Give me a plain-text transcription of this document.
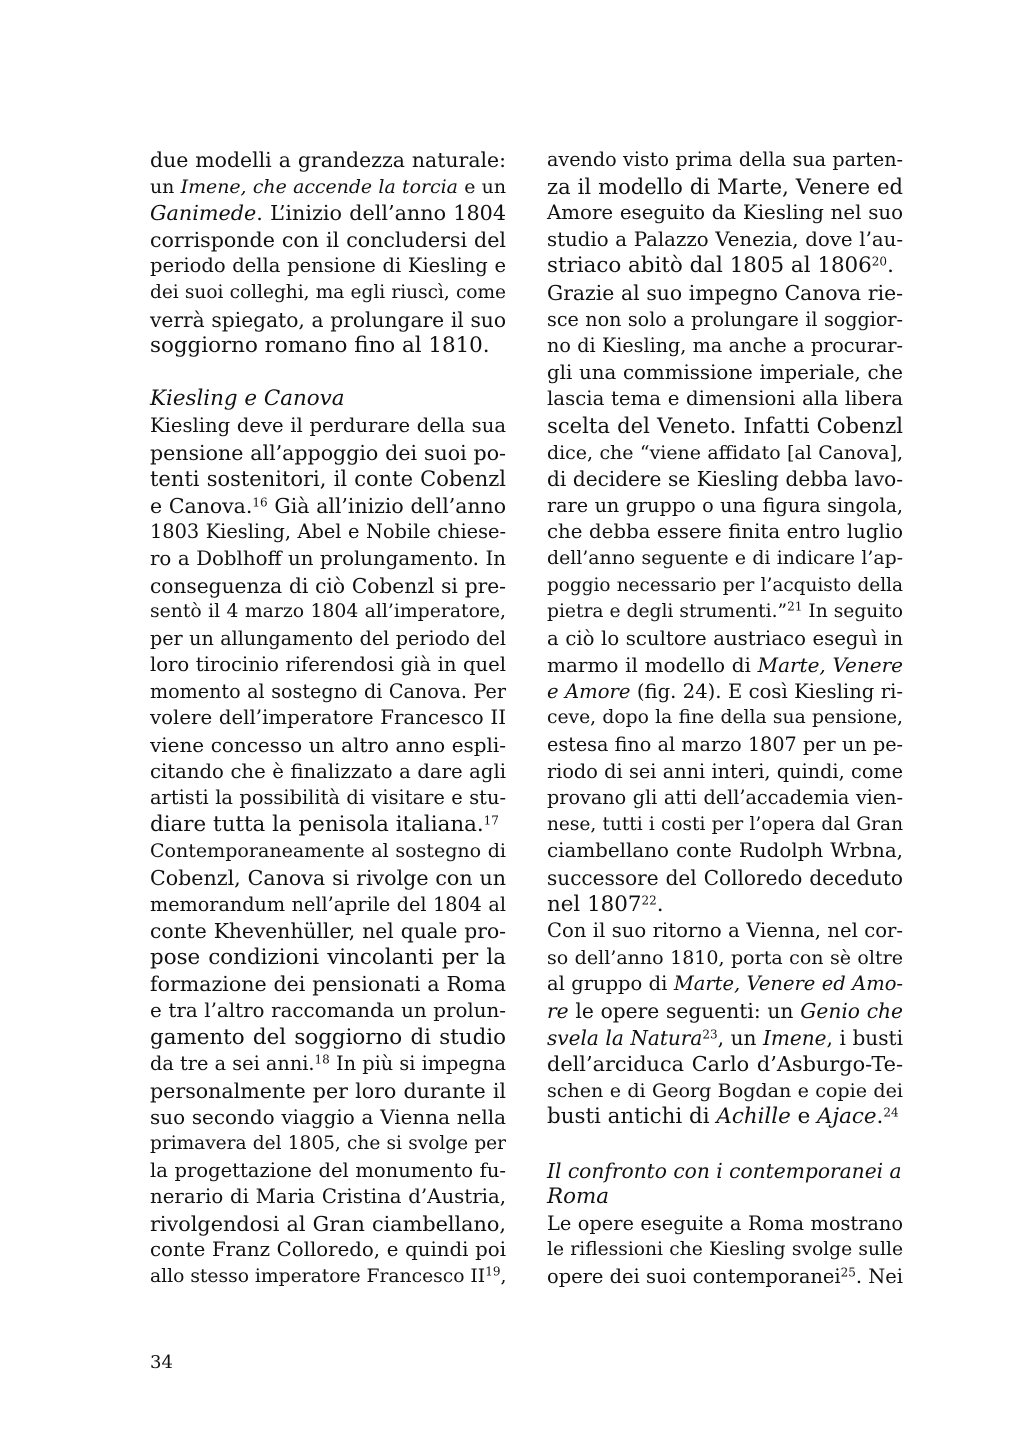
due modelli a grandezza naturale:
un Imene, che accende la torcia e un
Ganimede. L’inizio dell’anno 1804
corrisponde con il concludersi del
periodo della pensione di Kiesling e
dei suoi colleghi, ma egli riuscì, come
verrà spiegato, a prolungare il suo
soggiorno romano fino al 1810.
Kiesling e Canova
Kiesling deve il perdurare della sua
pensione all’appoggio dei suoi po-
tenti sostenitori, il conte Cobenzl
e Canova.$^{16}$ Già all’inizio dell’anno
1803 Kiesling, Abel e Nobile chiese-
ro a Doblhoff un prolungamento. In
conseguenza di ciò Cobenzl si pre-
sentò il 4 marzo 1804 all’imperatore,
per un allungamento del periodo del
loro tirocinio riferendosi già in quel
momento al sostegno di Canova. Per
volere dell’imperatore Francesco II
viene concesso un altro anno espli-
citando che è finalizzato a dare agli
artisti la possibilità di visitare e stu-
diare tutta la penisola italiana.$^{17}$
Contemporaneamente al sostegno di
Cobenzl, Canova si rivolge con un
memorandum nell’aprile del 1804 al
conte Khevenhüller, nel quale pro-
pose condizioni vincolanti per la
formazione dei pensionati a Roma
e tra l’altro raccomanda un prolun-
gamento del soggiorno di studio
da tre a sei anni.$^{18}$ In più si impegna
personalmente per loro durante il
suo secondo viaggio a Vienna nella
primavera del 1805, che si svolge per
la progettazione del monumento fu-
nerario di Maria Cristina d’Austria,
rivolgendosi al Gran ciambellano,
conte Franz Colloredo, e quindi poi
allo stesso imperatore Francesco II$^{19}$,
avendo visto prima della sua parten-
za il modello di Marte, Venere ed
Amore eseguito da Kiesling nel suo
studio a Palazzo Venezia, dove l’au-
striaco abitò dal 1805 al 1806$^{20}$.
Grazie al suo impegno Canova rie-
sce non solo a prolungare il soggior-
no di Kiesling, ma anche a procurar-
gli una commissione imperiale, che
lascia tema e dimensioni alla libera
scelta del Veneto. Infatti Cobenzl
dice, che “viene affidato [al Canova],
di decidere se Kiesling debba lavo-
rare un gruppo o una figura singola,
che debba essere finita entro luglio
dell’anno seguente e di indicare l’ap-
poggio necessario per l’acquisto della
pietra e degli strumenti.”$^{21}$ In seguito
a ciò lo scultore austriaco eseguì in
marmo il modello di Marte, Venere
e Amore (fig. 24). E così Kiesling ri-
ceve, dopo la fine della sua pensione,
estesa fino al marzo 1807 per un pe-
riodo di sei anni interi, quindi, come
provano gli atti dell’accademia vien-
nese, tutti i costi per l’opera dal Gran
ciambellano conte Rudolph Wrbna,
successore del Colloredo deceduto
nel 1807$^{22}$.
Con il suo ritorno a Vienna, nel cor-
so dell’anno 1810, porta con sè oltre
al gruppo di Marte, Venere ed Amo-
re le opere seguenti: un Genio che
svela la Natura$^{23}$, un Imene, i busti
dell’arciduca Carlo d’Asburgo-Te-
schen e di Georg Bogdan e copie dei
busti antichi di Achille e Ajace.$^{24}$
Il confronto con i contemporanei a
Roma
Le opere eseguite a Roma mostrano
le riflessioni che Kiesling svolge sulle
opere dei suoi contemporanei$^{25}$. Nei
34
